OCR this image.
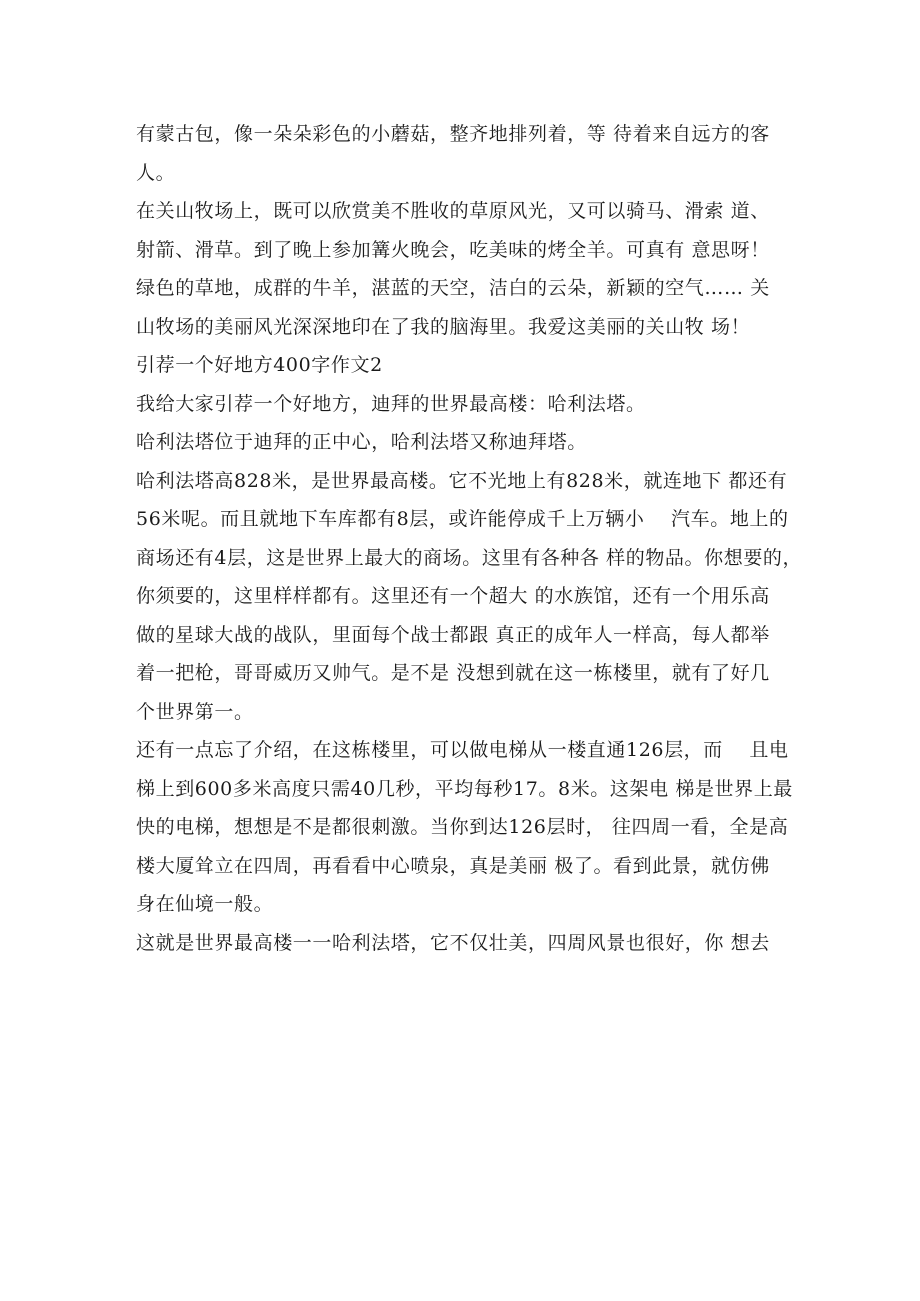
有蒙古包，像一朵朵彩色的小蘑菇，整齐地排列着，等 待着来自远方的客

人。

在关山牧场上，既可以欣赏美不胜收的草原风光，又可以骑马、滑索 道、

射箭、滑草。到了晚上参加篝火晚会，吃美味的烤全羊。可真有 意思呀！

绿色的草地，成群的牛羊，湛蓝的天空，洁白的云朵，新颖的空气…… 关

山牧场的美丽风光深深地印在了我的脑海里。我爱这美丽的关山牧 场！

引荐一个好地方400字作文2

我给大家引荐一个好地方，迪拜的世界最高楼：哈利法塔。

哈利法塔位于迪拜的正中心，哈利法塔又称迪拜塔。

哈利法塔高828米，是世界最高楼。它不光地上有828米，就连地下 都还有

56米呢。而且就地下车库都有8层，或许能停成千上万辆小    汽车。地上的

商场还有4层，这是世界上最大的商场。这里有各种各 样的物品。你想要的，

你须要的，这里样样都有。这里还有一个超大 的水族馆，还有一个用乐高

做的星球大战的战队，里面每个战士都跟 真正的成年人一样高，每人都举

着一把枪，哥哥威历又帅气。是不是 没想到就在这一栋楼里，就有了好几

个世界第一。

还有一点忘了介绍，在这栋楼里，可以做电梯从一楼直通126层，而    且电

梯上到600多米高度只需40几秒，平均每秒17。8米。这架电 梯是世界上最

快的电梯，想想是不是都很刺激。当你到达126层时， 往四周一看，全是高

楼大厦耸立在四周，再看看中心喷泉，真是美丽 极了。看到此景，就仿佛

身在仙境一般。

这就是世界最高楼一一哈利法塔，它不仅壮美，四周风景也很好，你 想去
